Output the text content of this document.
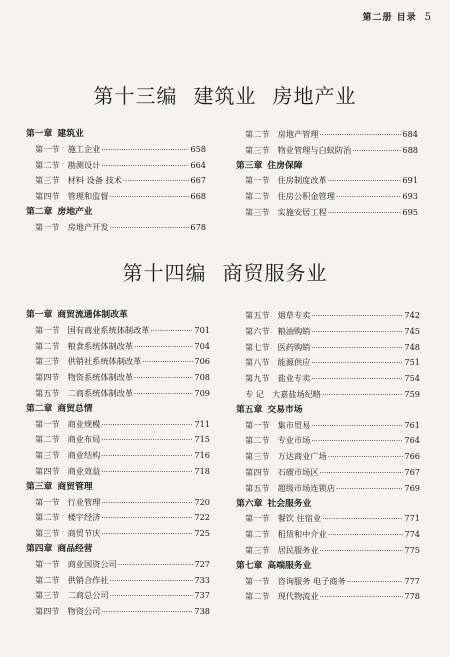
第二册 目录 5
第十三编 建筑业 房地产业
第一章 建筑业
第一节 施工企业 ·····	658
第二节 勘测设计 ·····	664
第三节 材料 设备 技术 ·····	667
第四节 管理和监督 ·····	668
第二章 房地产业
第一节 房地产开发 ·····	678
第二节 房地产管理 ·····	684
第三节 物业管理与白蚁防治 ·····	688
第三章 住房保障
第一节 住房制度改革 ·····	691
第二节 住房公积金管理 ·····	693
第三节 实施安居工程 ·····	695
第十四编 商贸服务业
第一章 商贸流通体制改革
第一节 国有商业系统体制改革 ·····	701
第二节 粮食系统体制改革 ·····	704
第三节 供销社系统体制改革 ·····	706
第四节 物资系统体制改革 ·····	708
第五节 二商系统体制改革 ·····	709
第二章 商贸总情
第一节 商业规模 ·····	711
第二节 商业布局 ·····	715
第三节 商业结构 ·····	716
第四节 商业效益 ·····	718
第三章 商贸管理
第一节 行业管理 ·····	720
第二节 楼宇经济 ·····	722
第三节 商贸节庆 ·····	725
第四章 商品经营
第一节 商业国资公司 ·····	727
第二节 供销合作社 ·····	733
第三节 二商总公司 ·····	737
第四节 物资公司 ·····	738
第五节 烟草专卖 ·····	742
第六节 粮油购销 ·····	745
第七节 医药购销 ·····	748
第八节 能源供应 ·····	751
第九节 盐业专卖 ·····	754
专 记 大嘉盐场纪略 ·····	759
第五章 交易市场
第一节 集市贸易 ·····	761
第二节 专业市场 ·····	764
第三节 万达商业广场 ·····	766
第四节 石碶市场区 ·····	767
第五节 超级市场连锁店 ·····	769
第六章 社会服务业
第一节 餐饮 住宿业 ·····	771
第二节 租赁和中介业 ·····	774
第三节 居民服务业 ·····	775
第七章 高端服务业
第一节 咨询服务 电子商务 ·····	777
第二节 现代物流业 ·····	778
